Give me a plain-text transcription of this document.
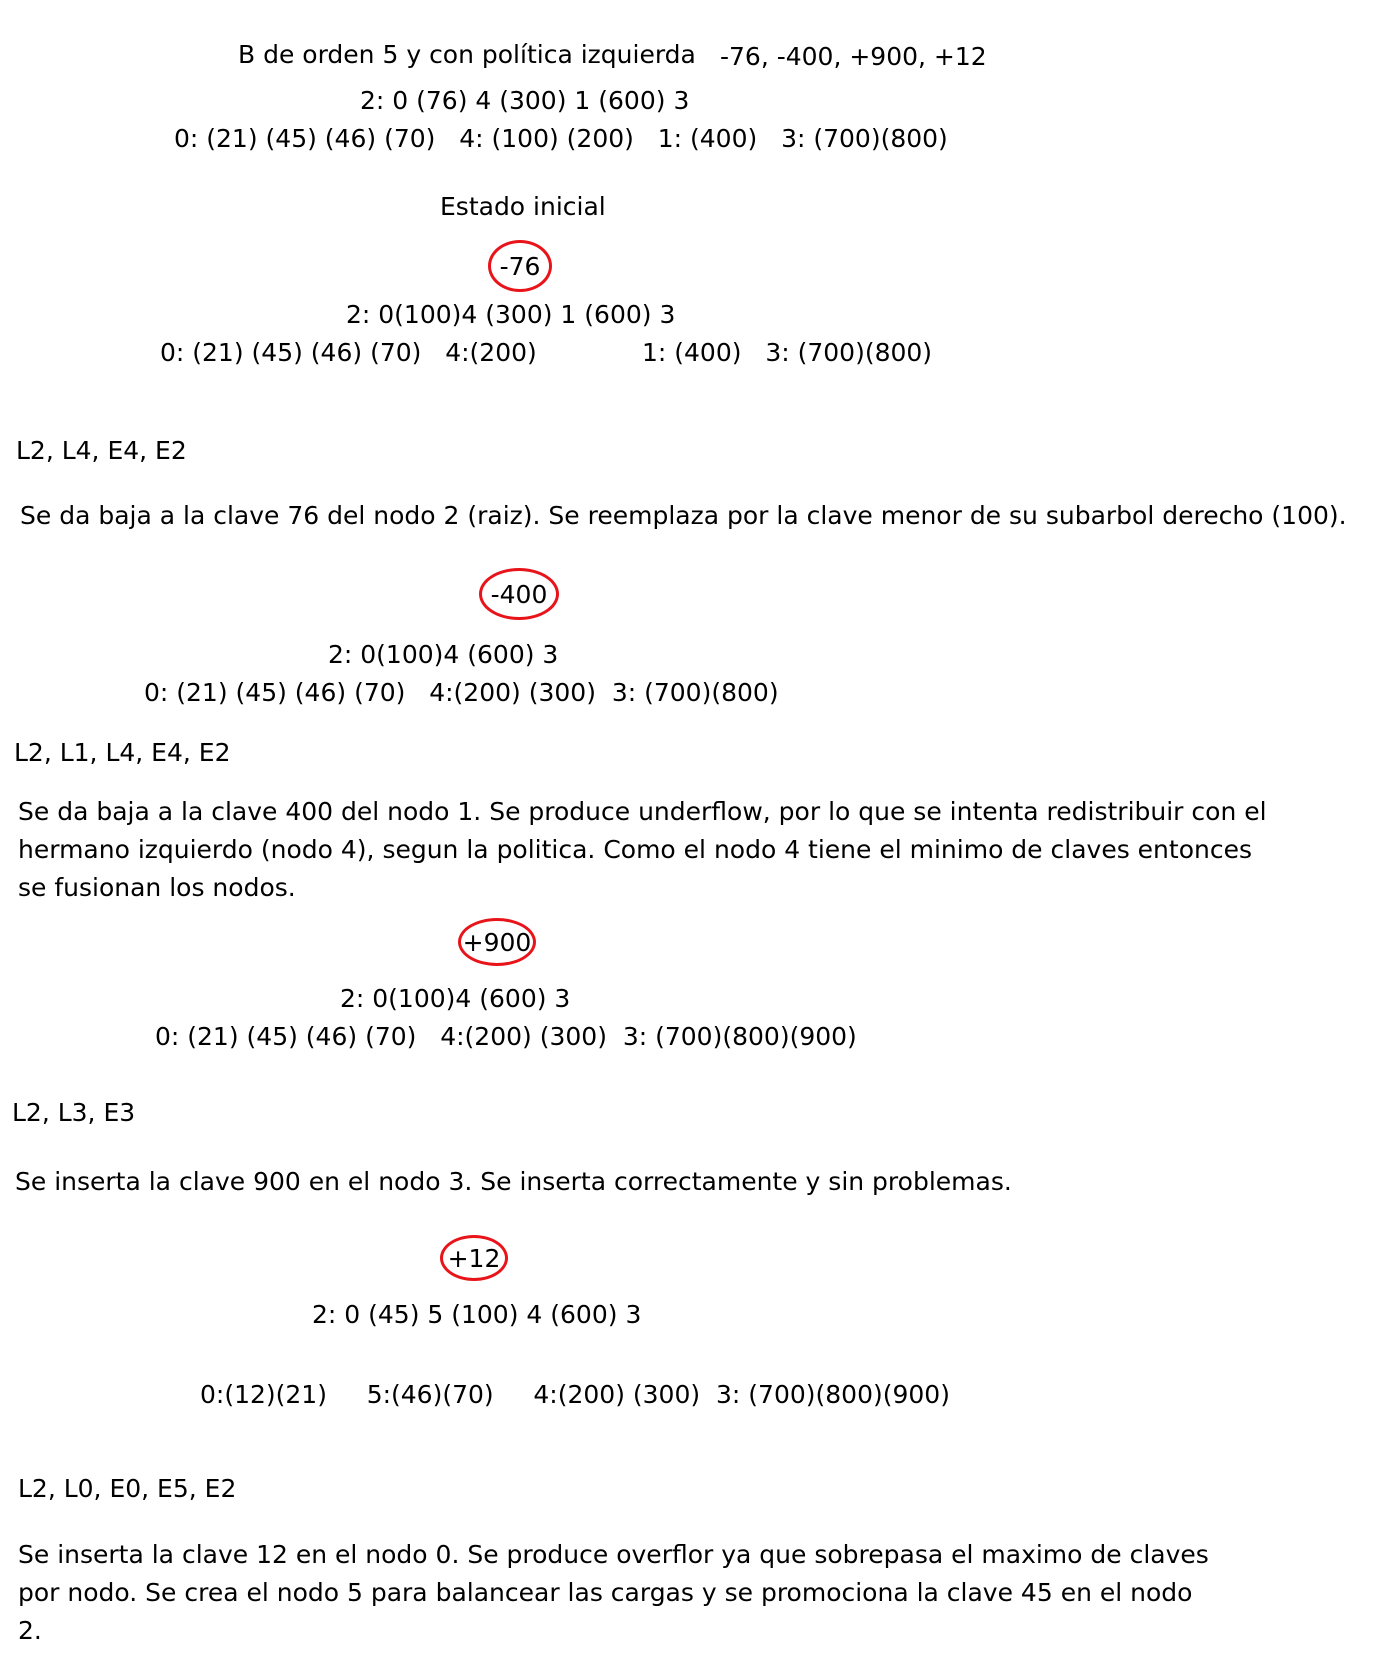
B de orden 5 y con política izquierda -76, -400, +900, +12
2: 0 (76) 4 (300) 1 (600) 3
0: (21) (45) (46) (70)   4: (100) (200)   1: (400)   3: (700)(800)
Estado inicial
-76
2: 0(100)4 (300) 1 (600) 3
0: (21) (45) (46) (70)   4:(200)	1: (400)   3: (700)(800)
L2, L4, E4, E2
Se da baja a la clave 76 del nodo 2 (raiz). Se reemplaza por la clave menor de su subarbol derecho (100).
-400
2: 0(100)4 (600) 3
0: (21) (45) (46) (70)   4:(200) (300)  3: (700)(800)
L2, L1, L4, E4, E2
Se da baja a la clave 400 del nodo 1. Se produce underflow, por lo que se intenta redistribuir con el hermano izquierdo (nodo 4), segun la politica. Como el nodo 4 tiene el minimo de claves entonces se fusionan los nodos.
+900
2: 0(100)4 (600) 3
0: (21) (45) (46) (70)   4:(200) (300)  3: (700)(800)(900)
L2, L3, E3
Se inserta la clave 900 en el nodo 3. Se inserta correctamente y sin problemas.
+12
2: 0 (45) 5 (100) 4 (600) 3
0:(12)(21)     5:(46)(70)     4:(200) (300)  3: (700)(800)(900)
L2, L0, E0, E5, E2
Se inserta la clave 12 en el nodo 0. Se produce overflor ya que sobrepasa el maximo de claves por nodo. Se crea el nodo 5 para balancear las cargas y se promociona la clave 45 en el nodo 2.
